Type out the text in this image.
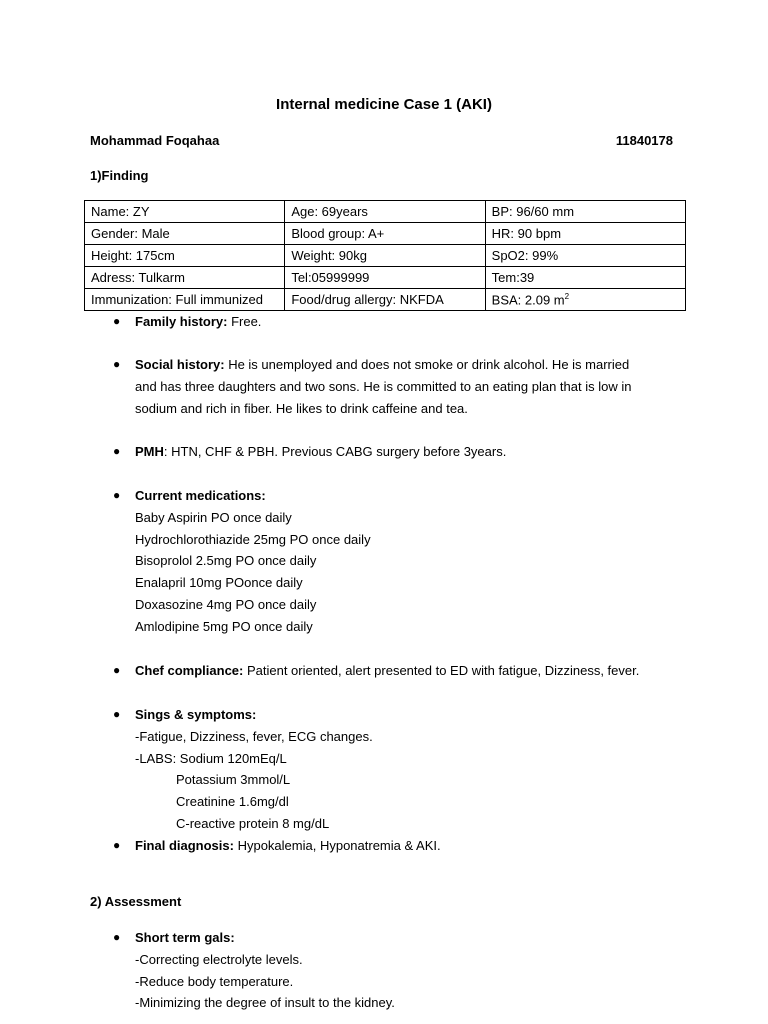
Internal medicine Case 1 (AKI)
Mohammad Foqahaa	11840178
1)Finding
Name: ZY	Age: 69years	BP: 96/60 mm
Gender: Male	Blood group: A+	HR: 90 bpm
Height: 175cm	Weight: 90kg	SpO2: 99%
Adress: Tulkarm	Tel:05999999	Tem:39
Immunization: Full immunized	Food/drug allergy: NKFDA	BSA: 2.09 $m^2$
● Family history: Free.
● Social history: He is unemployed and does not smoke or drink alcohol. He is married
and has three daughters and two sons. He is committed to an eating plan that is low in
sodium and rich in fiber. He likes to drink caffeine and tea.
● PMH: HTN, CHF & PBH. Previous CABG surgery before 3years.
● Current medications:
Baby Aspirin PO once daily
Hydrochlorothiazide 25mg PO once daily
Bisoprolol 2.5mg PO once daily
Enalapril 10mg POonce daily
Doxasozine 4mg PO once daily
Amlodipine 5mg PO once daily
● Chef compliance: Patient oriented, alert presented to ED with fatigue, Dizziness, fever.
● Sings & symptoms:
-Fatigue, Dizziness, fever, ECG changes.
-LABS: Sodium 120mEq/L
Potassium 3mmol/L
Creatinine 1.6mg/dl
C-reactive protein 8 mg/dL
● Final diagnosis: Hypokalemia, Hyponatremia & AKI.
2) Assessment
● Short term gals:
-Correcting electrolyte levels.
-Reduce body temperature.
-Minimizing the degree of insult to the kidney.
